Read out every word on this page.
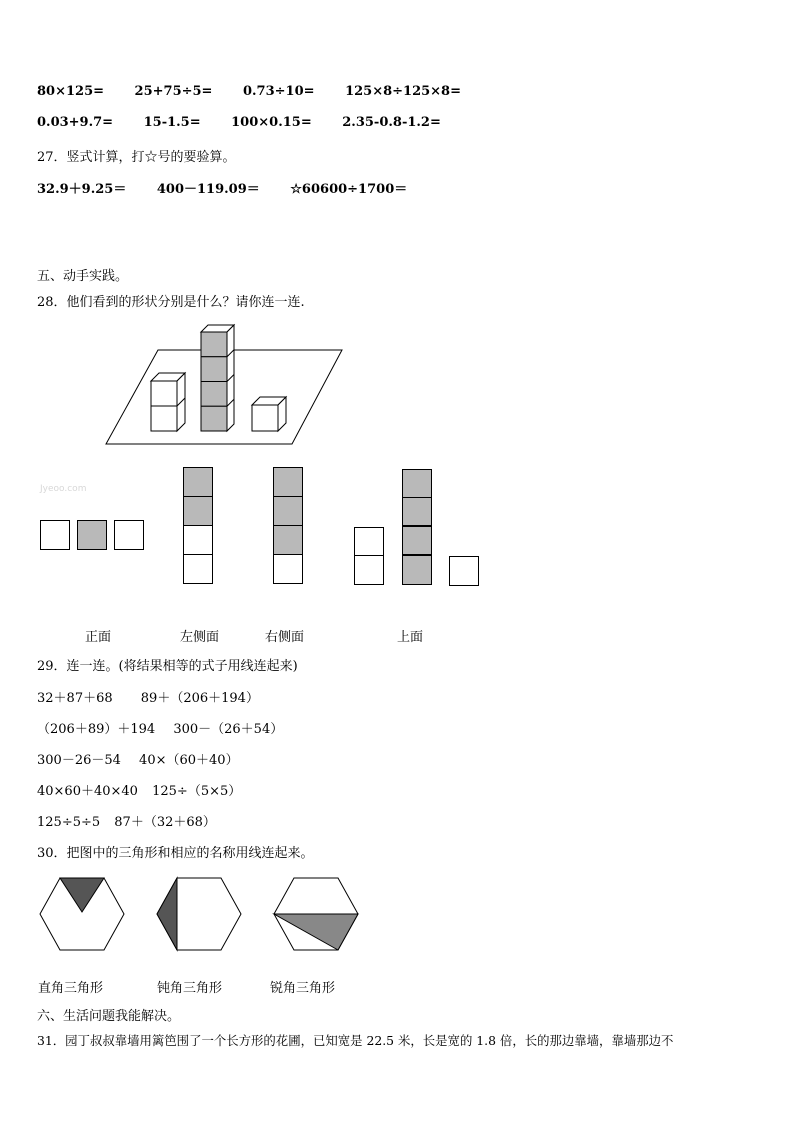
80×125= 25+75÷5= 0.73÷10= 125×8÷125×8=
0.03+9.7= 15-1.5= 100×0.15= 2.35-0.8-1.2=
27．竖式计算，打☆号的要验算。
32.9＋9.25＝ 400－119.09＝ ☆60600÷1700＝
五、动手实践。
28．他们看到的形状分别是什么？请你连一连.
Jyeoo.com
正面	左侧面	右侧面	上面
29．连一连。(将结果相等的式子用线连起来)
32＋87＋68 89＋（206＋194）
（206＋89）＋194 300－（26＋54）
300－26－54 40×（60＋40）
40×60＋40×40 125÷（5×5）
125÷5÷5 87＋（32＋68）
30．把图中的三角形和相应的名称用线连起来。
直角三角形	钝角三角形	锐角三角形
六、生活问题我能解决。
31．园丁叔叔靠墙用篱笆围了一个长方形的花圃，已知宽是 22.5 米，长是宽的 1.8 倍，长的那边靠墙，靠墙那边不
